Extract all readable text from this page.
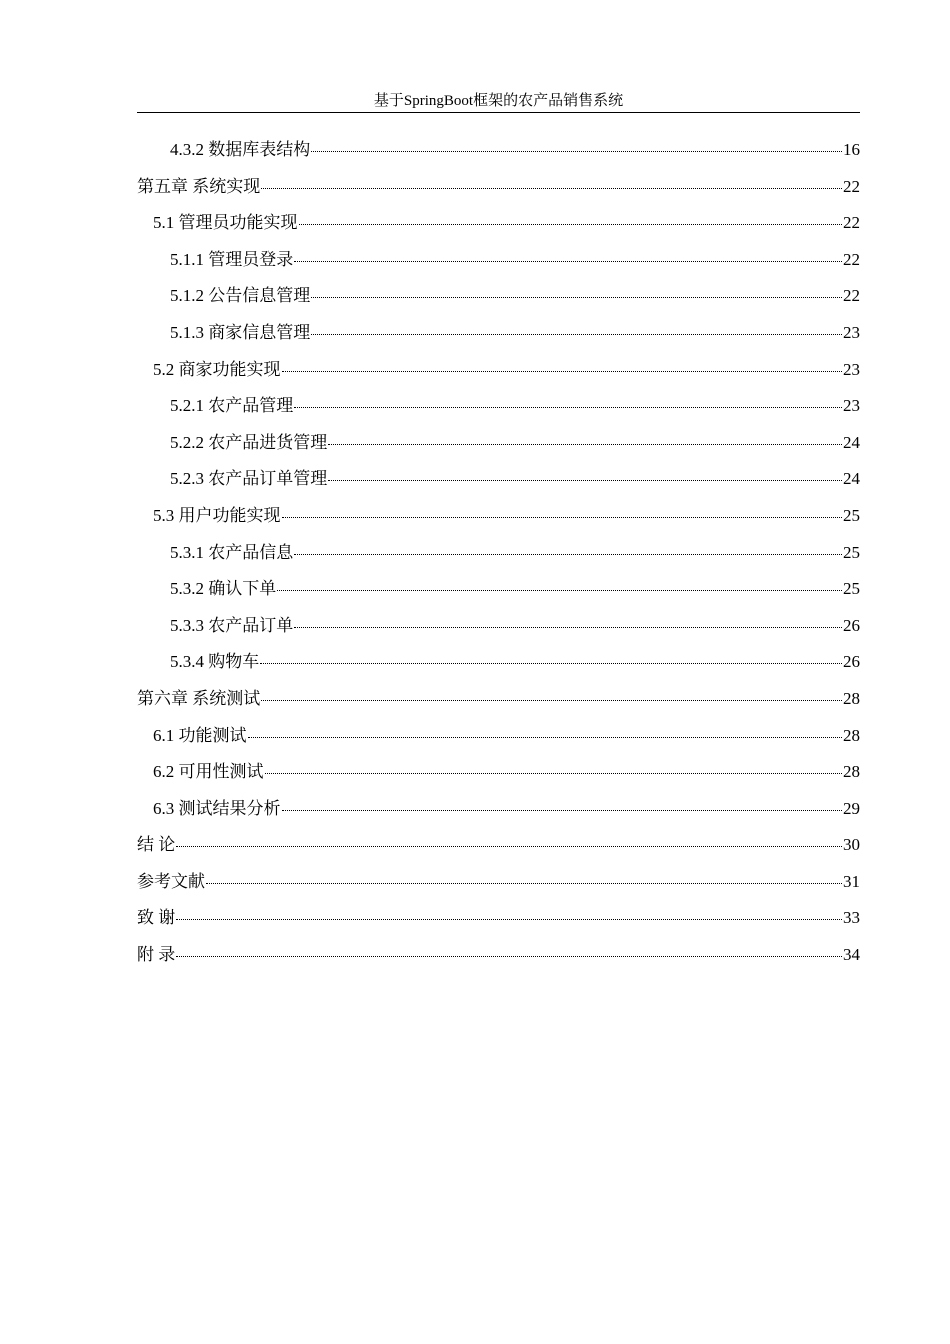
基于SpringBoot框架的农产品销售系统
4.3.2 数据库表结构	16
第五章 系统实现	22
5.1 管理员功能实现	22
5.1.1 管理员登录	22
5.1.2 公告信息管理	22
5.1.3 商家信息管理	23
5.2 商家功能实现	23
5.2.1 农产品管理	23
5.2.2 农产品进货管理	24
5.2.3 农产品订单管理	24
5.3 用户功能实现	25
5.3.1 农产品信息	25
5.3.2 确认下单	25
5.3.3 农产品订单	26
5.3.4 购物车	26
第六章 系统测试	28
6.1 功能测试	28
6.2 可用性测试	28
6.3 测试结果分析	29
结 论	30
参考文献	31
致 谢	33
附 录	34
